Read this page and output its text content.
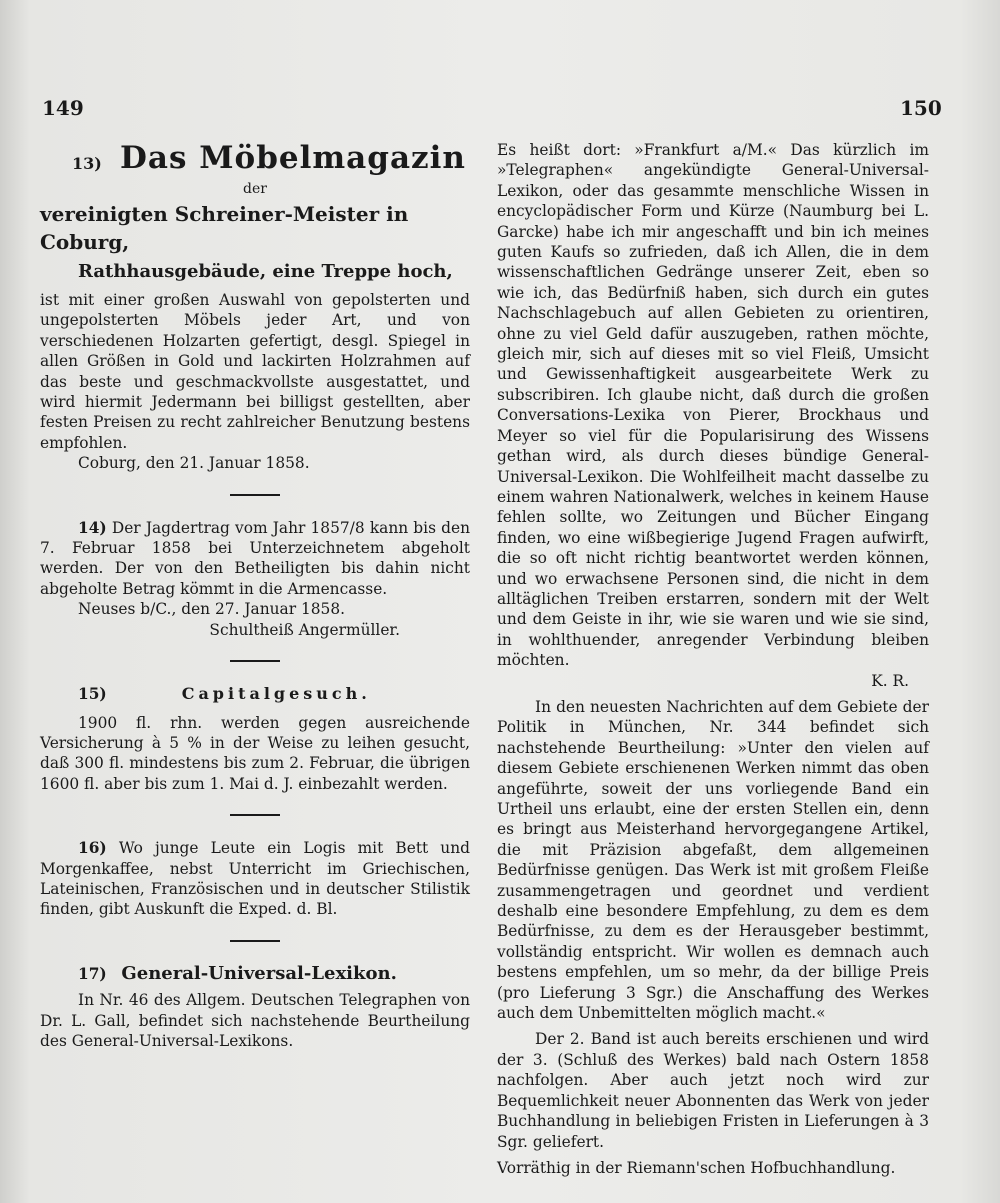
149	150
13) Das Möbelmagazin
der
vereinigten Schreiner-Meister in Coburg,
Rathhausgebäude, eine Treppe hoch,

ist mit einer großen Auswahl von gepolsterten und ungepolsterten Möbels jeder Art, und von verschiedenen Holzarten gefertigt, desgl. Spiegel in allen Größen in Gold und lackirten Holzrahmen auf das beste und geschmackvollste ausgestattet, und wird hiermit Jedermann bei billigst gestellten, aber festen Preisen zu recht zahlreicher Benutzung bestens empfohlen.

Coburg, den 21. Januar 1858.

14) Der Jagdertrag vom Jahr 1857/8 kann bis den 7. Februar 1858 bei Unterzeichnetem abgeholt werden. Der von den Betheiligten bis dahin nicht abgeholte Betrag kömmt in die Armencasse.

Neuses b/C., den 27. Januar 1858.

Schultheiß Angermüller.

15)	Capitalgesuch.

1900 fl. rhn. werden gegen ausreichende Versicherung à 5 % in der Weise zu leihen gesucht, daß 300 fl. mindestens bis zum 2. Februar, die übrigen 1600 fl. aber bis zum 1. Mai d. J. einbezahlt werden.

16) Wo junge Leute ein Logis mit Bett und Morgenkaffee, nebst Unterricht im Griechischen, Lateinischen, Französischen und in deutscher Stilistik finden, gibt Auskunft die Exped. d. Bl.

17) General-Universal-Lexikon.

In Nr. 46 des Allgem. Deutschen Telegraphen von Dr. L. Gall, befindet sich nachstehende Beurtheilung des General-Universal-Lexikons.

Es heißt dort: »Frankfurt a/M.« Das kürzlich im »Telegraphen« angekündigte General-Universal-Lexikon, oder das gesammte menschliche Wissen in encyclopädischer Form und Kürze (Naumburg bei L. Garcke) habe ich mir angeschafft und bin ich meines guten Kaufs so zufrieden, daß ich Allen, die in dem wissenschaftlichen Gedränge unserer Zeit, eben so wie ich, das Bedürfniß haben, sich durch ein gutes Nachschlagebuch auf allen Gebieten zu orientiren, ohne zu viel Geld dafür auszugeben, rathen möchte, gleich mir, sich auf dieses mit so viel Fleiß, Umsicht und Gewissenhaftigkeit ausgearbeitete Werk zu subscribiren. Ich glaube nicht, daß durch die großen Conversations-Lexika von Pierer, Brockhaus und Meyer so viel für die Popularisirung des Wissens gethan wird, als durch dieses bündige General-Universal-Lexikon. Die Wohlfeilheit macht dasselbe zu einem wahren Nationalwerk, welches in keinem Hause fehlen sollte, wo Zeitungen und Bücher Eingang finden, wo eine wißbegierige Jugend Fragen aufwirft, die so oft nicht richtig beantwortet werden können, und wo erwachsene Personen sind, die nicht in dem alltäglichen Treiben erstarren, sondern mit der Welt und dem Geiste in ihr, wie sie waren und wie sie sind, in wohlthuender, anregender Verbindung bleiben möchten.

K. R.

In den neuesten Nachrichten auf dem Gebiete der Politik in München, Nr. 344 befindet sich nachstehende Beurtheilung: »Unter den vielen auf diesem Gebiete erschienenen Werken nimmt das oben angeführte, soweit der uns vorliegende Band ein Urtheil uns erlaubt, eine der ersten Stellen ein, denn es bringt aus Meisterhand hervorgegangene Artikel, die mit Präzision abgefaßt, dem allgemeinen Bedürfnisse genügen. Das Werk ist mit großem Fleiße zusammengetragen und geordnet und verdient deshalb eine besondere Empfehlung, zu dem es dem Bedürfnisse, zu dem es der Herausgeber bestimmt, vollständig entspricht. Wir wollen es demnach auch bestens empfehlen, um so mehr, da der billige Preis (pro Lieferung 3 Sgr.) die Anschaffung des Werkes auch dem Unbemittelten möglich macht.«

Der 2. Band ist auch bereits erschienen und wird der 3. (Schluß des Werkes) bald nach Ostern 1858 nachfolgen. Aber auch jetzt noch wird zur Bequemlichkeit neuer Abonnenten das Werk von jeder Buchhandlung in beliebigen Fristen in Lieferungen à 3 Sgr. geliefert.

Vorräthig in der Riemann'schen Hofbuchhandlung.
